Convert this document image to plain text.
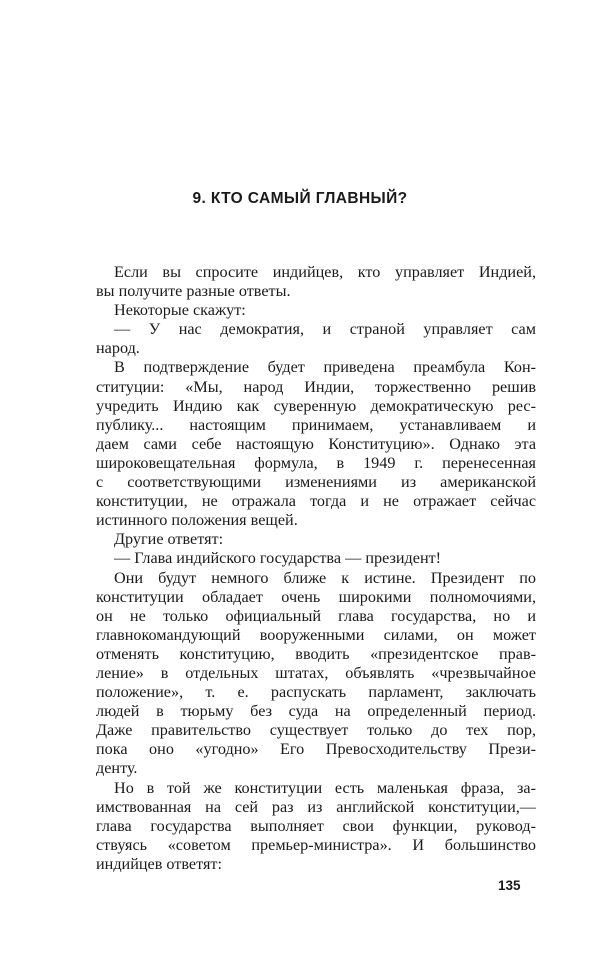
9. КТО САМЫЙ ГЛАВНЫЙ?
Если вы спросите индийцев, кто управляет Индией,
вы получите разные ответы.
Некоторые скажут:
— У нас демократия, и страной управляет сам
народ.
В подтверждение будет приведена преамбула Кон-
ституции: «Мы, народ Индии, торжественно решив
учредить Индию как суверенную демократическую рес-
публику... настоящим принимаем, устанавливаем и
даем сами себе настоящую Конституцию». Однако эта
широковещательная формула, в 1949 г. перенесенная
с соответствующими изменениями из американской
конституции, не отражала тогда и не отражает сейчас
истинного положения вещей.
Другие ответят:
— Глава индийского государства — президент!
Они будут немного ближе к истине. Президент по
конституции обладает очень широкими полномочиями,
он не только официальный глава государства, но и
главнокомандующий вооруженными силами, он может
отменять конституцию, вводить «президентское прав-
ление» в отдельных штатах, объявлять «чрезвычайное
положение», т. е. распускать парламент, заключать
людей в тюрьму без суда на определенный период.
Даже правительство существует только до тех пор,
пока оно «угодно» Его Превосходительству Прези-
денту.
Но в той же конституции есть маленькая фраза, за-
имствованная на сей раз из английской конституции,—
глава государства выполняет свои функции, руковод-
ствуясь «советом премьер-министра». И большинство
индийцев ответят:

135
